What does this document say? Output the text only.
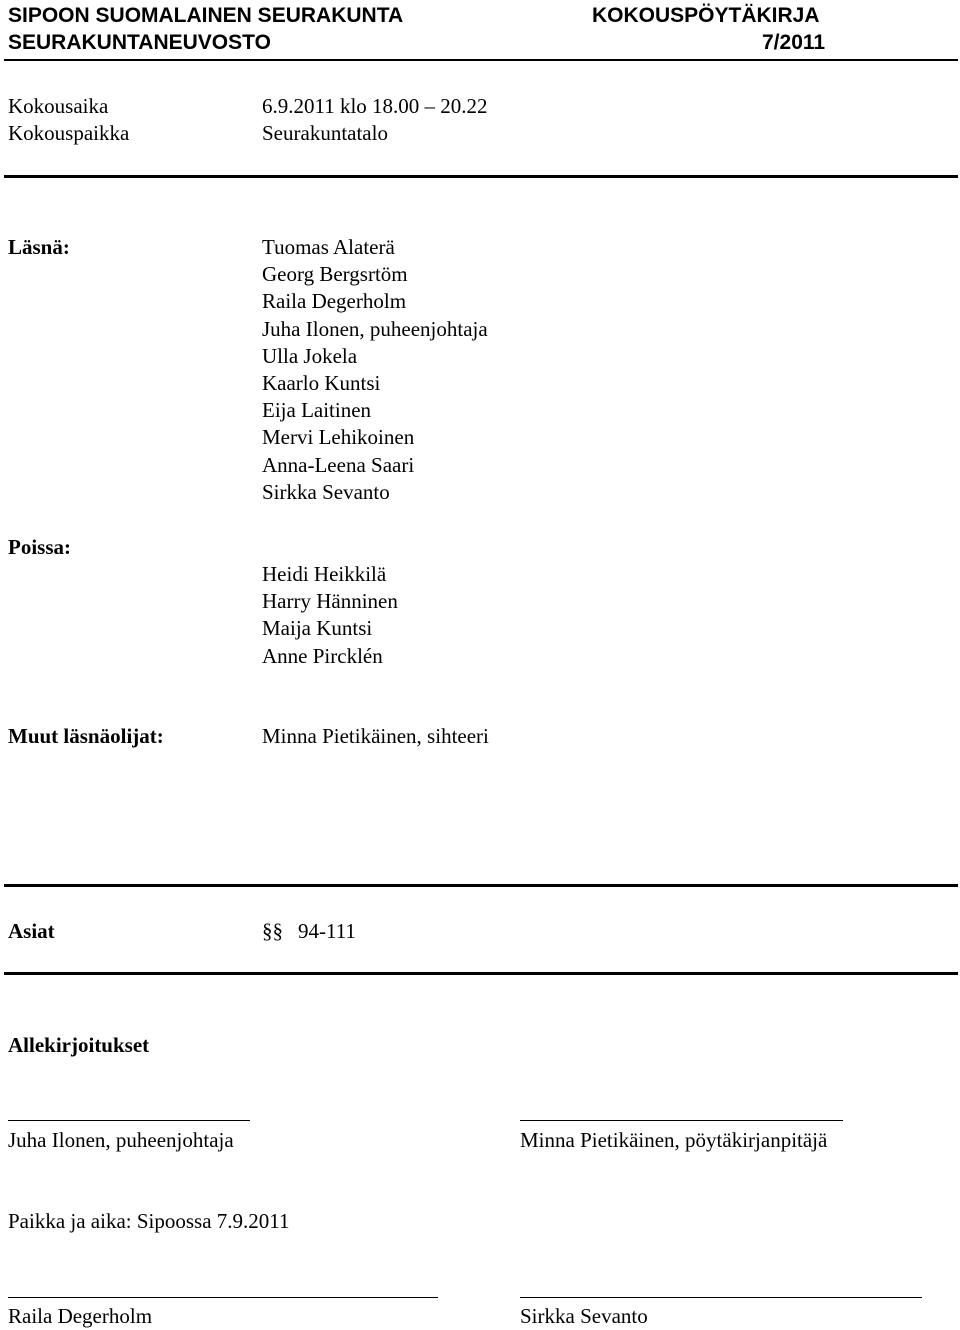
SIPOON SUOMALAINEN SEURAKUNTA	KOKOUSPÖYTÄKIRJA
SEURAKUNTANEUVOSTO	7/2011
Kokousaika	6.9.2011 klo 18.00 – 20.22
Kokouspaikka	Seurakuntatalo
Läsnä:	Tuomas Alaterä
Georg Bergsrtöm
Raila Degerholm
Juha Ilonen, puheenjohtaja
Ulla Jokela
Kaarlo Kuntsi
Eija Laitinen
Mervi Lehikoinen
Anna-Leena Saari
Sirkka Sevanto
Poissa:
Heidi Heikkilä
Harry Hänninen
Maija Kuntsi
Anne Pircklén
Muut läsnäolijat:	Minna Pietikäinen, sihteeri
Asiat	§§ 94-111
Allekirjoitukset
Juha Ilonen, puheenjohtaja	Minna Pietikäinen, pöytäkirjanpitäjä
Paikka ja aika: Sipoossa 7.9.2011
Raila Degerholm	Sirkka Sevanto
